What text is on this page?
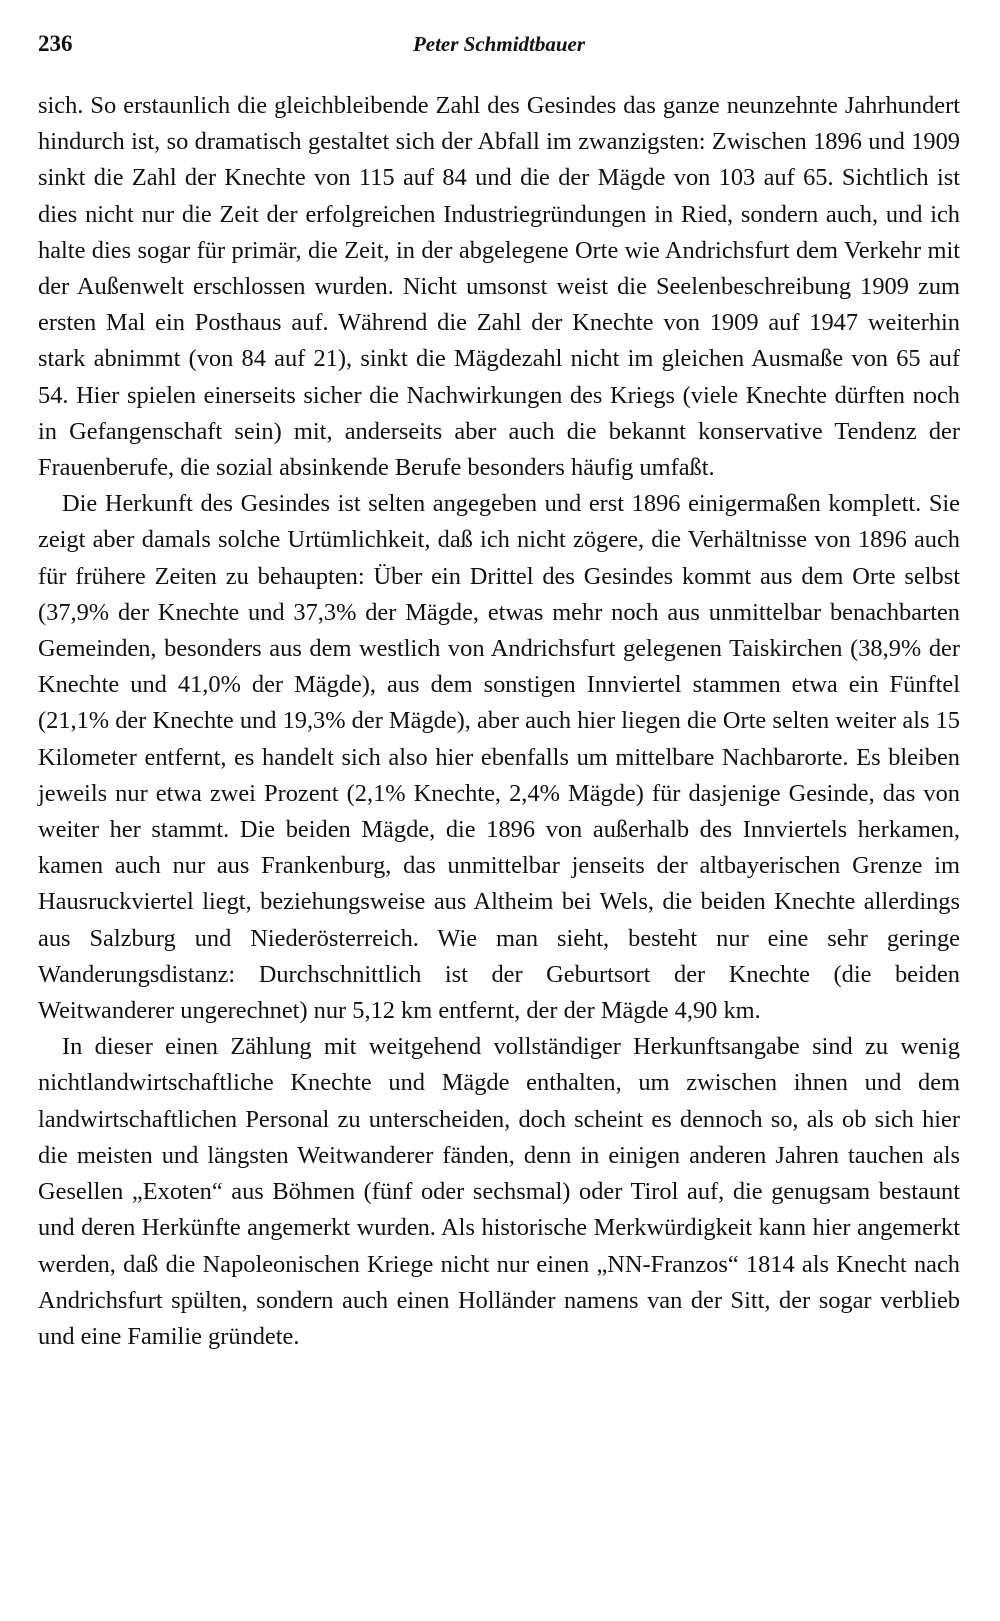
236	Peter Schmidtbauer

sich. So erstaunlich die gleichbleibende Zahl des Gesindes das ganze neunzehnte Jahrhundert hindurch ist, so dramatisch gestaltet sich der Abfall im zwanzigsten: Zwischen 1896 und 1909 sinkt die Zahl der Knechte von 115 auf 84 und die der Mägde von 103 auf 65. Sichtlich ist dies nicht nur die Zeit der erfolgreichen Industriegründungen in Ried, sondern auch, und ich halte dies sogar für primär, die Zeit, in der abgelegene Orte wie Andrichsfurt dem Verkehr mit der Außenwelt erschlossen wurden. Nicht umsonst weist die Seelenbeschreibung 1909 zum ersten Mal ein Posthaus auf. Während die Zahl der Knechte von 1909 auf 1947 weiterhin stark abnimmt (von 84 auf 21), sinkt die Mägdezahl nicht im gleichen Ausmaße von 65 auf 54. Hier spielen einerseits sicher die Nachwirkungen des Kriegs (viele Knechte dürften noch in Gefangenschaft sein) mit, anderseits aber auch die bekannt konservative Tendenz der Frauenberufe, die sozial absinkende Berufe besonders häufig umfaßt.

Die Herkunft des Gesindes ist selten angegeben und erst 1896 einigermaßen komplett. Sie zeigt aber damals solche Urtümlichkeit, daß ich nicht zögere, die Verhältnisse von 1896 auch für frühere Zeiten zu behaupten: Über ein Drittel des Gesindes kommt aus dem Orte selbst (37,9% der Knechte und 37,3% der Mägde, etwas mehr noch aus unmittelbar benachbarten Gemeinden, besonders aus dem westlich von Andrichsfurt gelegenen Taiskirchen (38,9% der Knechte und 41,0% der Mägde), aus dem sonstigen Innviertel stammen etwa ein Fünftel (21,1% der Knechte und 19,3% der Mägde), aber auch hier liegen die Orte selten weiter als 15 Kilometer entfernt, es handelt sich also hier ebenfalls um mittelbare Nachbarorte. Es bleiben jeweils nur etwa zwei Prozent (2,1% Knechte, 2,4% Mägde) für dasjenige Gesinde, das von weiter her stammt. Die beiden Mägde, die 1896 von außerhalb des Innviertels herkamen, kamen auch nur aus Frankenburg, das unmittelbar jenseits der altbayerischen Grenze im Hausruckviertel liegt, beziehungsweise aus Altheim bei Wels, die beiden Knechte allerdings aus Salzburg und Niederösterreich. Wie man sieht, besteht nur eine sehr geringe Wanderungsdistanz: Durchschnittlich ist der Geburtsort der Knechte (die beiden Weitwanderer ungerechnet) nur 5,12 km entfernt, der der Mägde 4,90 km.

In dieser einen Zählung mit weitgehend vollständiger Herkunftsangabe sind zu wenig nichtlandwirtschaftliche Knechte und Mägde enthalten, um zwischen ihnen und dem landwirtschaftlichen Personal zu unterscheiden, doch scheint es dennoch so, als ob sich hier die meisten und längsten Weitwanderer fänden, denn in einigen anderen Jahren tauchen als Gesellen „Exoten“ aus Böhmen (fünf oder sechsmal) oder Tirol auf, die genugsam bestaunt und deren Herkünfte angemerkt wurden. Als historische Merkwürdigkeit kann hier angemerkt werden, daß die Napoleonischen Kriege nicht nur einen „NN-Franzos“ 1814 als Knecht nach Andrichsfurt spülten, sondern auch einen Holländer namens van der Sitt, der sogar verblieb und eine Familie gründete.
